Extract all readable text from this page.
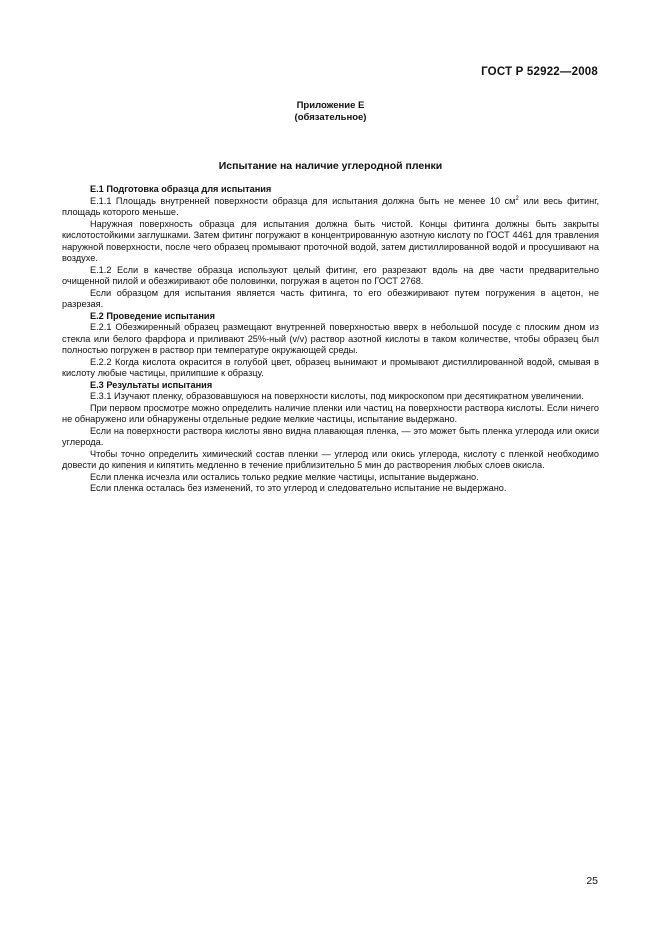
ГОСТ Р 52922—2008
Приложение Е
(обязательное)
Испытание на наличие углеродной пленки

Е.1 Подготовка образца для испытания

Е.1.1 Площадь внутренней поверхности образца для испытания должна быть не менее 10 $см^2$ или весь фитинг, площадь которого меньше.

Наружная поверхность образца для испытания должна быть чистой. Концы фитинга должны быть закрыты кислотостойкими заглушками. Затем фитинг погружают в концентрированную азотную кислоту по ГОСТ 4461 для травления наружной поверхности, после чего образец промывают проточной водой, затем дистиллированной водой и просушивают на воздухе.

Е.1.2 Если в качестве образца используют целый фитинг, его разрезают вдоль на две части предварительно очищенной пилой и обезжиривают обе половинки, погружая в ацетон по ГОСТ 2768.

Если образцом для испытания является часть фитинга, то его обезжиривают путем погружения в ацетон, не разрезая.

Е.2 Проведение испытания

Е.2.1 Обезжиренный образец размещают внутренней поверхностью вверх в небольшой посуде с плоским дном из стекла или белого фарфора и приливают 25%-ный (v/v) раствор азотной кислоты в таком количестве, чтобы образец был полностью погружен в раствор при температуре окружающей среды.

Е.2.2 Когда кислота окрасится в голубой цвет, образец вынимают и промывают дистиллированной водой, смывая в кислоту любые частицы, прилипшие к образцу.

Е.3 Результаты испытания

Е.3.1 Изучают пленку, образовавшуюся на поверхности кислоты, под микроскопом при десятикратном увеличении.

При первом просмотре можно определить наличие пленки или частиц на поверхности раствора кислоты. Если ничего не обнаружено или обнаружены отдельные редкие мелкие частицы, испытание выдержано.

Если на поверхности раствора кислоты явно видна плавающая пленка, — это может быть пленка углерода или окиси углерода.

Чтобы точно определить химический состав пленки — углерод или окись углерода, кислоту с пленкой необходимо довести до кипения и кипятить медленно в течение приблизительно 5 мин до растворения любых слоев окисла.

Если пленка исчезла или остались только редкие мелкие частицы, испытание выдержано.

Если пленка осталась без изменений, то это углерод и следовательно испытание не выдержано.

25
